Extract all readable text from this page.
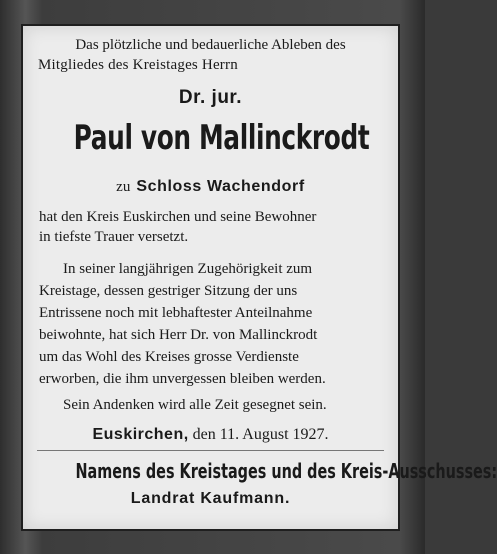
Das plötzliche und bedauerliche Ableben des
Mitgliedes des Kreistages Herrn
Dr. jur.
Paul von Mallinckrodt
zu Schloss Wachendorf
hat den Kreis Euskirchen und seine Bewohner
in tiefste Trauer versetzt.
In seiner langjährigen Zugehörigkeit zum
Kreistage, dessen gestriger Sitzung der uns
Entrissene noch mit lebhaftester Anteilnahme
beiwohnte, hat sich Herr Dr. von Mallinckrodt
um das Wohl des Kreises grosse Verdienste
erworben, die ihm unvergessen bleiben werden.
Sein Andenken wird alle Zeit gesegnet sein.
Euskirchen, den 11. August 1927.
Namens des Kreistages und des Kreis-Ausschusses:
Landrat Kaufmann.
